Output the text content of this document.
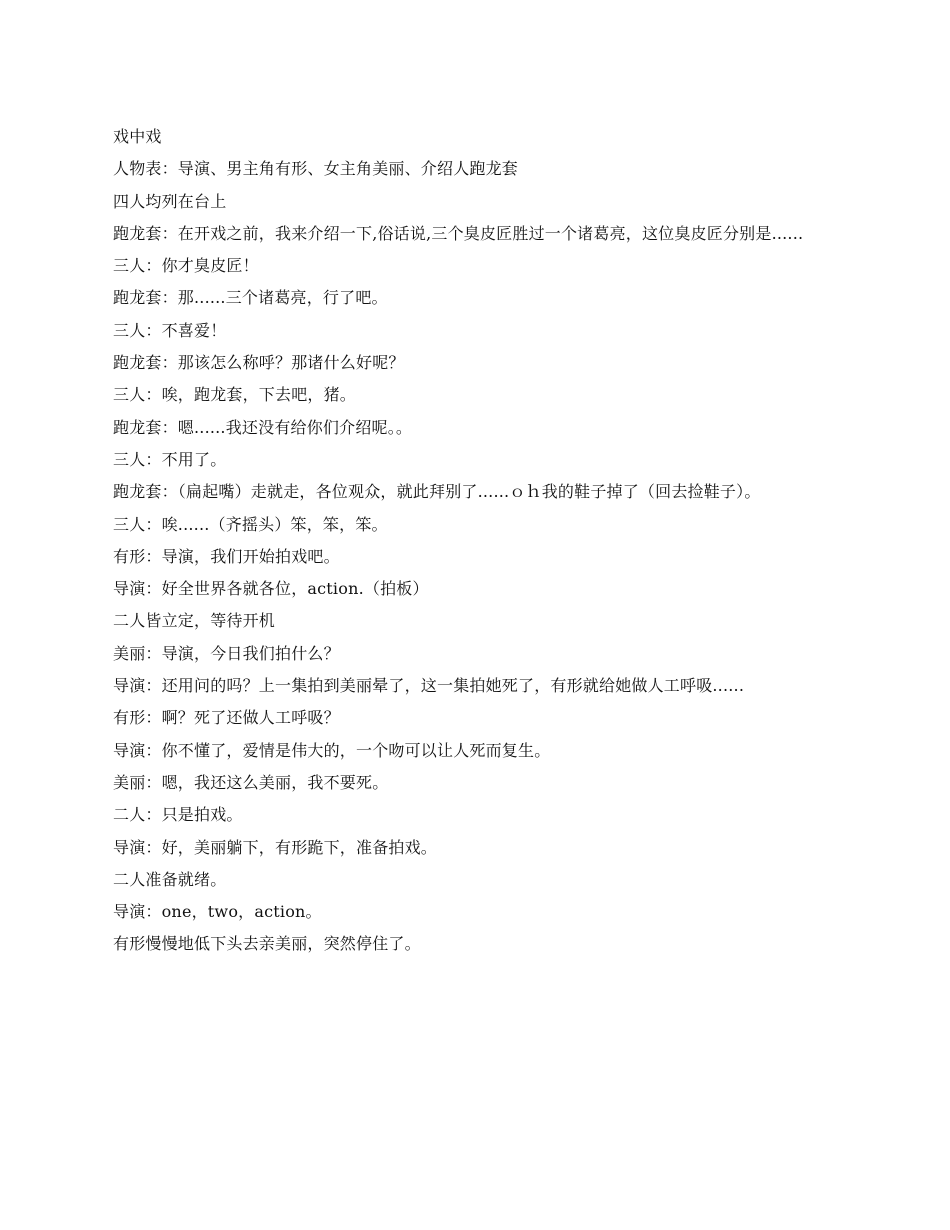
戏中戏

人物表：导演、男主角有形、女主角美丽、介绍人跑龙套

四人均列在台上

跑龙套：在开戏之前，我来介绍一下,俗话说,三个臭皮匠胜过一个诸葛亮，这位臭皮匠分别是......

三人：你才臭皮匠！

跑龙套：那......三个诸葛亮，行了吧。

三人：不喜爱！

跑龙套：那该怎么称呼？那诸什么好呢？

三人：唉，跑龙套，下去吧，猪。

跑龙套：嗯......我还没有给你们介绍呢。。

三人：不用了。

跑龙套：（扁起嘴）走就走，各位观众，就此拜别了......ｏｈ我的鞋子掉了（回去捡鞋子）。

三人：唉......（齐摇头）笨，笨，笨。

有形：导演，我们开始拍戏吧。

导演：好全世界各就各位，action.（拍板）

二人皆立定，等待开机

美丽：导演，今日我们拍什么？

导演：还用问的吗？上一集拍到美丽晕了，这一集拍她死了，有形就给她做人工呼吸......

有形：啊？死了还做人工呼吸？

导演：你不懂了，爱情是伟大的，一个吻可以让人死而复生。

美丽：嗯，我还这么美丽，我不要死。

二人：只是拍戏。

导演：好，美丽躺下，有形跪下，准备拍戏。

二人准备就绪。

导演：one，two，action。

有形慢慢地低下头去亲美丽，突然停住了。
